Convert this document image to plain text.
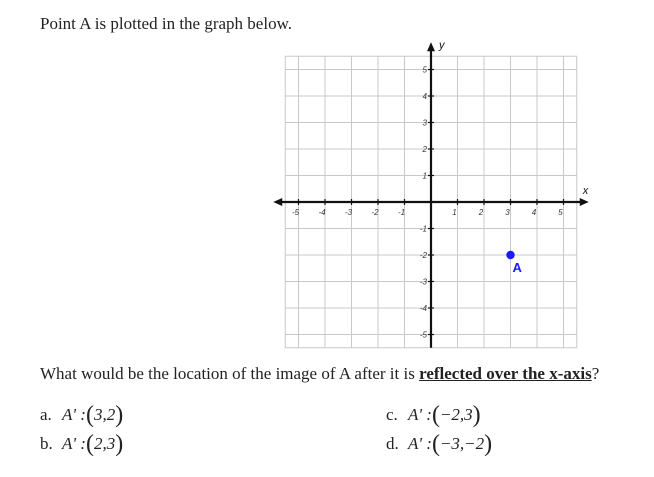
Point A is plotted in the graph below.
x
y
-5 -4 -3 -2 -1	1	2	3	4	5
5
4
3
2
1
-1
-2
-3
-4
-5
A
What would be the location of the image of A after it is reflected over the x-axis?
a. A' : ( 3,2 )
b. A' : ( 2,3 )
c. A' : ( −2,3 )
d. A' : ( −3,−2 )
